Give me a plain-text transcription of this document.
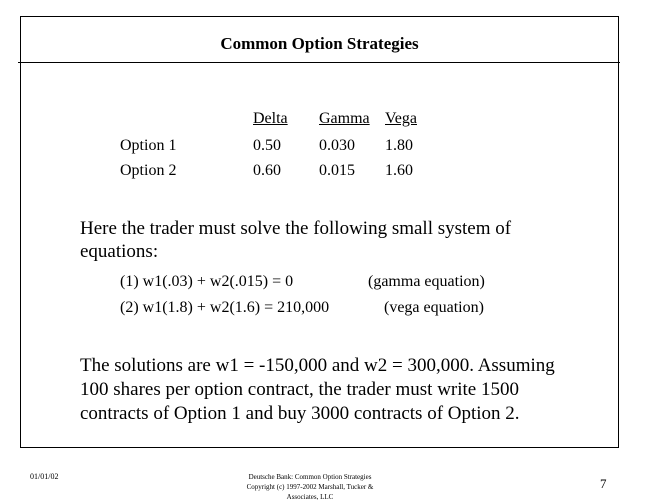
Common Option Strategies
Delta Gamma Vega
Option 1	0.50 0.030 1.80
Option 2	0.60 0.015 1.60
Here the trader must solve the following small system of
equations:
(1) w1(.03) + w2(.015) = 0	(gamma equation)
(2) w1(1.8) + w2(1.6) = 210,000	(vega equation)
The solutions are w1 = -150,000 and w2 = 300,000. Assuming
100 shares per option contract, the trader must write 1500
contracts of Option 1 and buy 3000 contracts of Option 2.
01/01/02	Deutsche Bank: Common Option Strategies
Copyright (c) 1997-2002 Marshall, Tucker &
Associates, LLC
7
